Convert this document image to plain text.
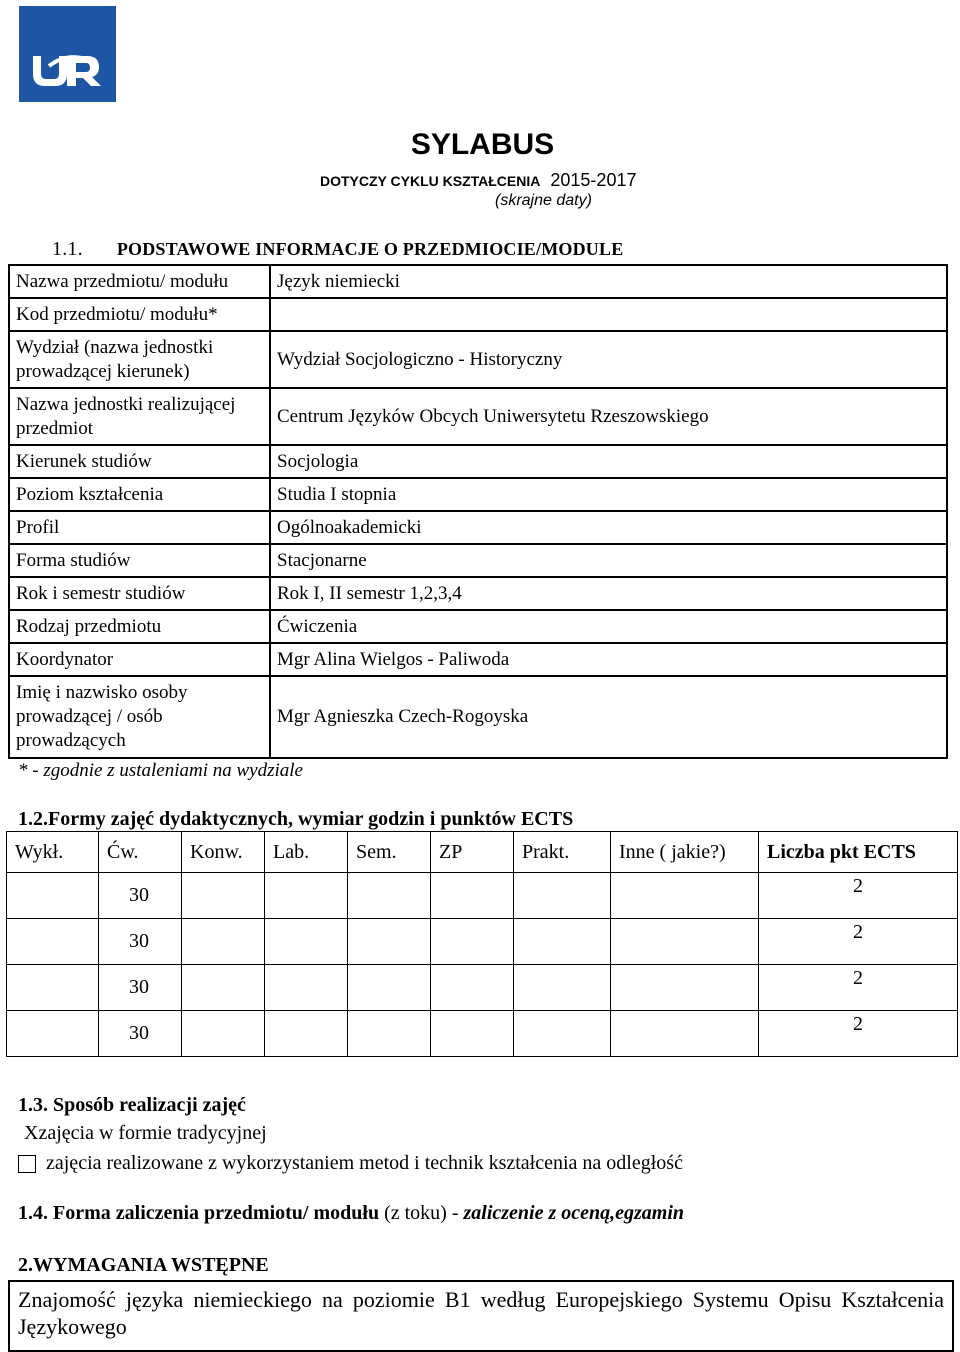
SYLABUS
DOTYCZY CYKLU KSZTAŁCENIA 2015-2017
(skrajne daty)
1.1. PODSTAWOWE INFORMACJE O PRZEDMIOCIE/MODULE
Nazwa przedmiotu/ modułu	Język niemiecki
Kod przedmiotu/ modułu*	
Wydział (nazwa jednostki prowadzącej kierunek)	Wydział Socjologiczno - Historyczny
Nazwa jednostki realizującej przedmiot	Centrum Języków Obcych Uniwersytetu Rzeszowskiego
Kierunek studiów	Socjologia
Poziom kształcenia	Studia I stopnia
Profil	Ogólnoakademicki
Forma studiów	Stacjonarne
Rok i semestr studiów	Rok I, II semestr 1,2,3,4
Rodzaj przedmiotu	Ćwiczenia
Koordynator	Mgr Alina Wielgos - Paliwoda
Imię i nazwisko osoby prowadzącej / osób prowadzących	Mgr Agnieszka Czech-Rogoyska
* - zgodnie z ustaleniami na wydziale
1.2.Formy zajęć dydaktycznych, wymiar godzin i punktów ECTS
Wykł.	Ćw.	Konw.	Lab.	Sem.	ZP	Prakt.	Inne ( jakie?)	Liczba pkt ECTS
	30							2
	30							2
	30							2
	30							2
1.3. Sposób realizacji zajęć
Xzajęcia w formie tradycyjnej
zajęcia realizowane z wykorzystaniem metod i technik kształcenia na odległość
1.4. Forma zaliczenia przedmiotu/ modułu (z toku) - zaliczenie z oceną,egzamin
2.WYMAGANIA WSTĘPNE
Znajomość języka niemieckiego na poziomie B1 według Europejskiego Systemu Opisu Kształcenia Językowego
